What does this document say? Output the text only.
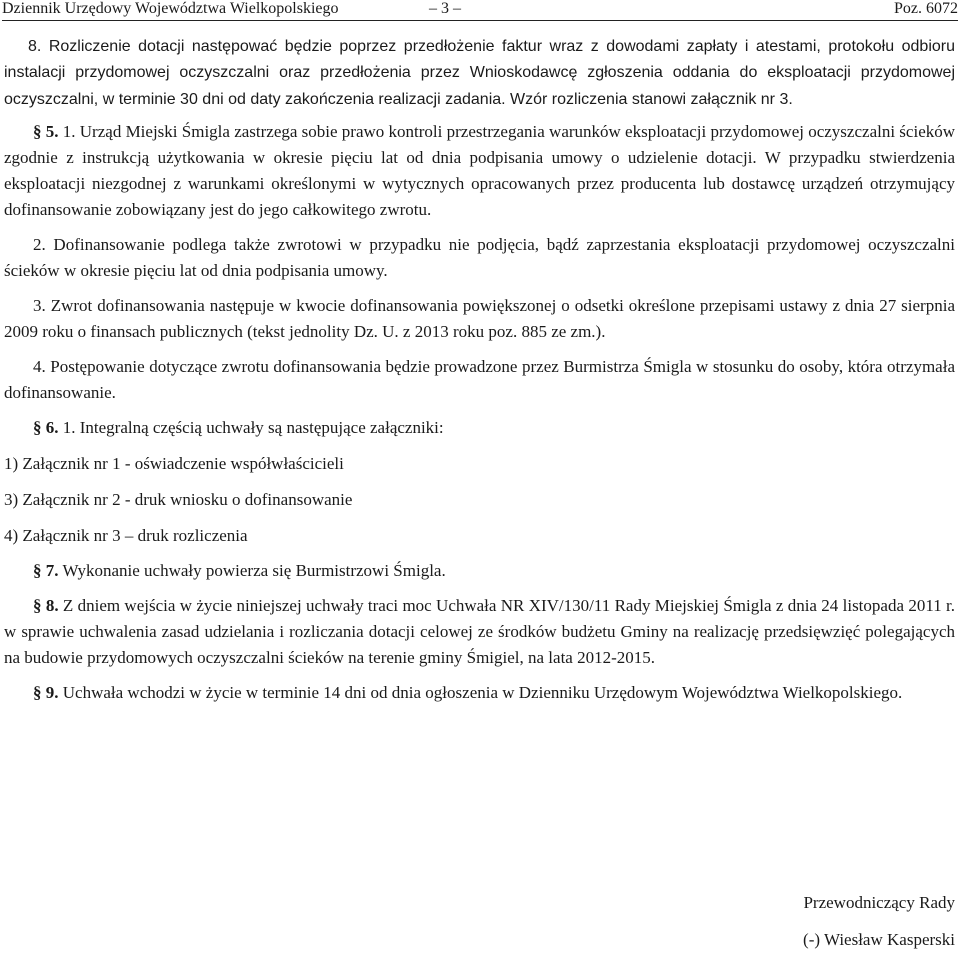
Dziennik Urzędowy Województwa Wielkopolskiego	– 3 –	Poz. 6072

8. Rozliczenie dotacji następować będzie poprzez przedłożenie faktur wraz z dowodami zapłaty i atestami, protokołu odbioru instalacji przydomowej oczyszczalni oraz przedłożenia przez Wnioskodawcę zgłoszenia oddania do eksploatacji przydomowej oczyszczalni, w terminie 30 dni od daty zakończenia realizacji zadania. Wzór rozliczenia stanowi załącznik nr 3.

§ 5. 1. Urząd Miejski Śmigla zastrzega sobie prawo kontroli przestrzegania warunków eksploatacji przydomowej oczyszczalni ścieków zgodnie z instrukcją użytkowania w okresie pięciu lat od dnia podpisania umowy o udzielenie dotacji. W przypadku stwierdzenia eksploatacji niezgodnej z warunkami określonymi w wytycznych opracowanych przez producenta lub dostawcę urządzeń otrzymujący dofinansowanie zobowiązany jest do jego całkowitego zwrotu.

2. Dofinansowanie podlega także zwrotowi w przypadku nie podjęcia, bądź zaprzestania eksploatacji przydomowej oczyszczalni ścieków w okresie pięciu lat od dnia podpisania umowy.

3. Zwrot dofinansowania następuje w kwocie dofinansowania powiększonej o odsetki określone przepisami ustawy z dnia 27 sierpnia 2009 roku o finansach publicznych (tekst jednolity Dz. U. z 2013 roku poz. 885 ze zm.).

4. Postępowanie dotyczące zwrotu dofinansowania będzie prowadzone przez Burmistrza Śmigla w stosunku do osoby, która otrzymała dofinansowanie.

§ 6. 1. Integralną częścią uchwały są następujące załączniki:

1) Załącznik nr 1 - oświadczenie współwłaścicieli
3) Załącznik nr 2 - druk wniosku o dofinansowanie
4) Załącznik nr 3 – druk rozliczenia

§ 7. Wykonanie uchwały powierza się Burmistrzowi Śmigla.

§ 8. Z dniem wejścia w życie niniejszej uchwały traci moc Uchwała NR XIV/130/11 Rady Miejskiej Śmigla z dnia 24 listopada 2011 r. w sprawie uchwalenia zasad udzielania i rozliczania dotacji celowej ze środków budżetu Gminy na realizację przedsięwzięć polegających na budowie przydomowych oczyszczalni ścieków na terenie gminy Śmigiel, na lata 2012-2015.

§ 9. Uchwała wchodzi w życie w terminie 14 dni od dnia ogłoszenia w Dzienniku Urzędowym Województwa Wielkopolskiego.

Przewodniczący Rady
(-) Wiesław Kasperski
